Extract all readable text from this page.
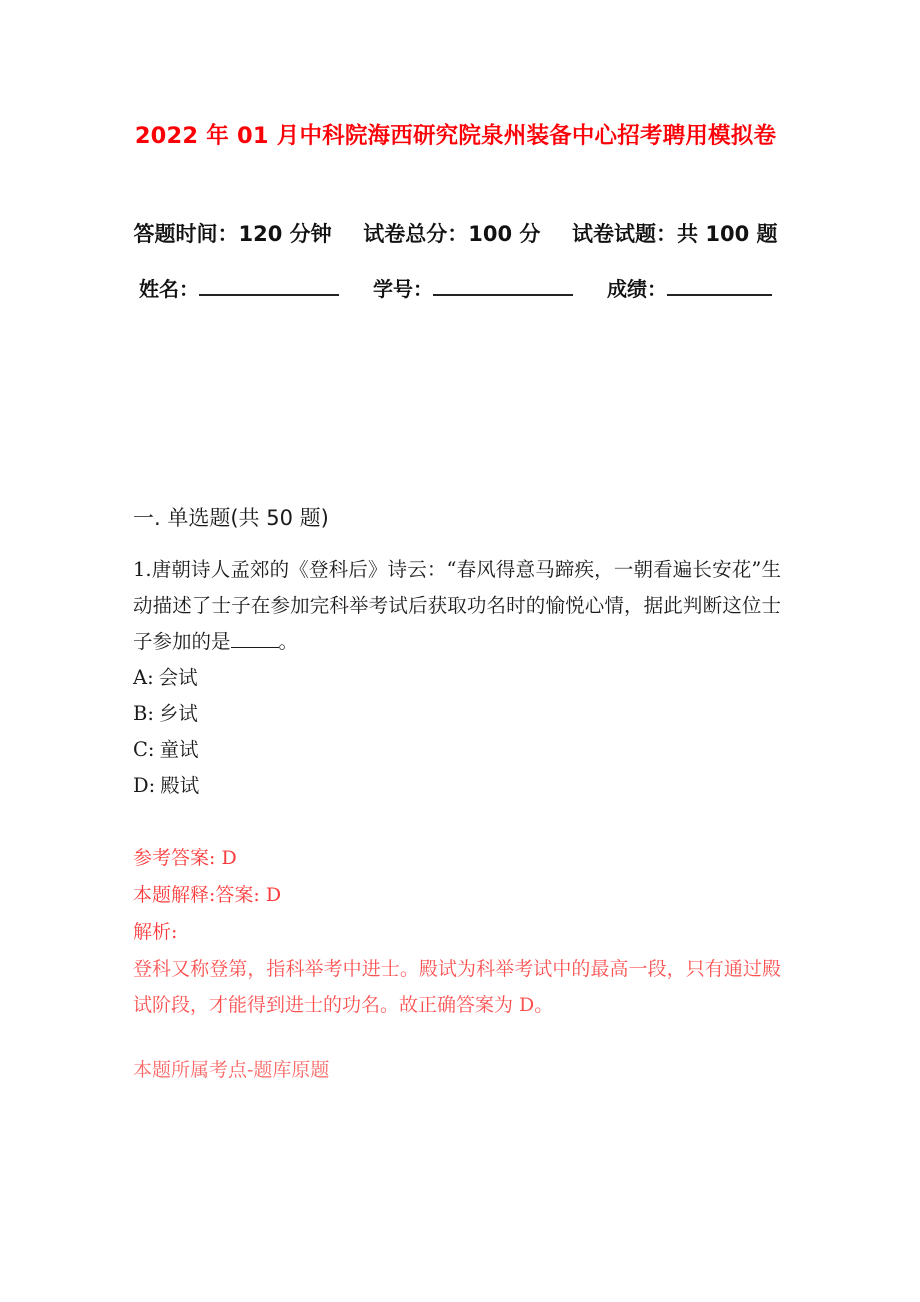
2022 年 01 月中科院海西研究院泉州装备中心招考聘用模拟卷
答题时间：120 分钟 试卷总分：100 分 试卷试题：共 100 题
姓名：	学号：	成绩：
一. 单选题(共 50 题)

1.唐朝诗人孟郊的《登科后》诗云：“春风得意马蹄疾，一朝看遍长安花”生动描述了士子在参加完科举考试后获取功名时的愉悦心情，据此判断这位士子参加的是 。

A: 会试

B: 乡试

C: 童试

D: 殿试

参考答案: D

本题解释:答案: D

解析:

登科又称登第，指科举考中进士。殿试为科举考试中的最高一段，只有通过殿试阶段，才能得到进士的功名。故正确答案为 D。

本题所属考点-题库原题
